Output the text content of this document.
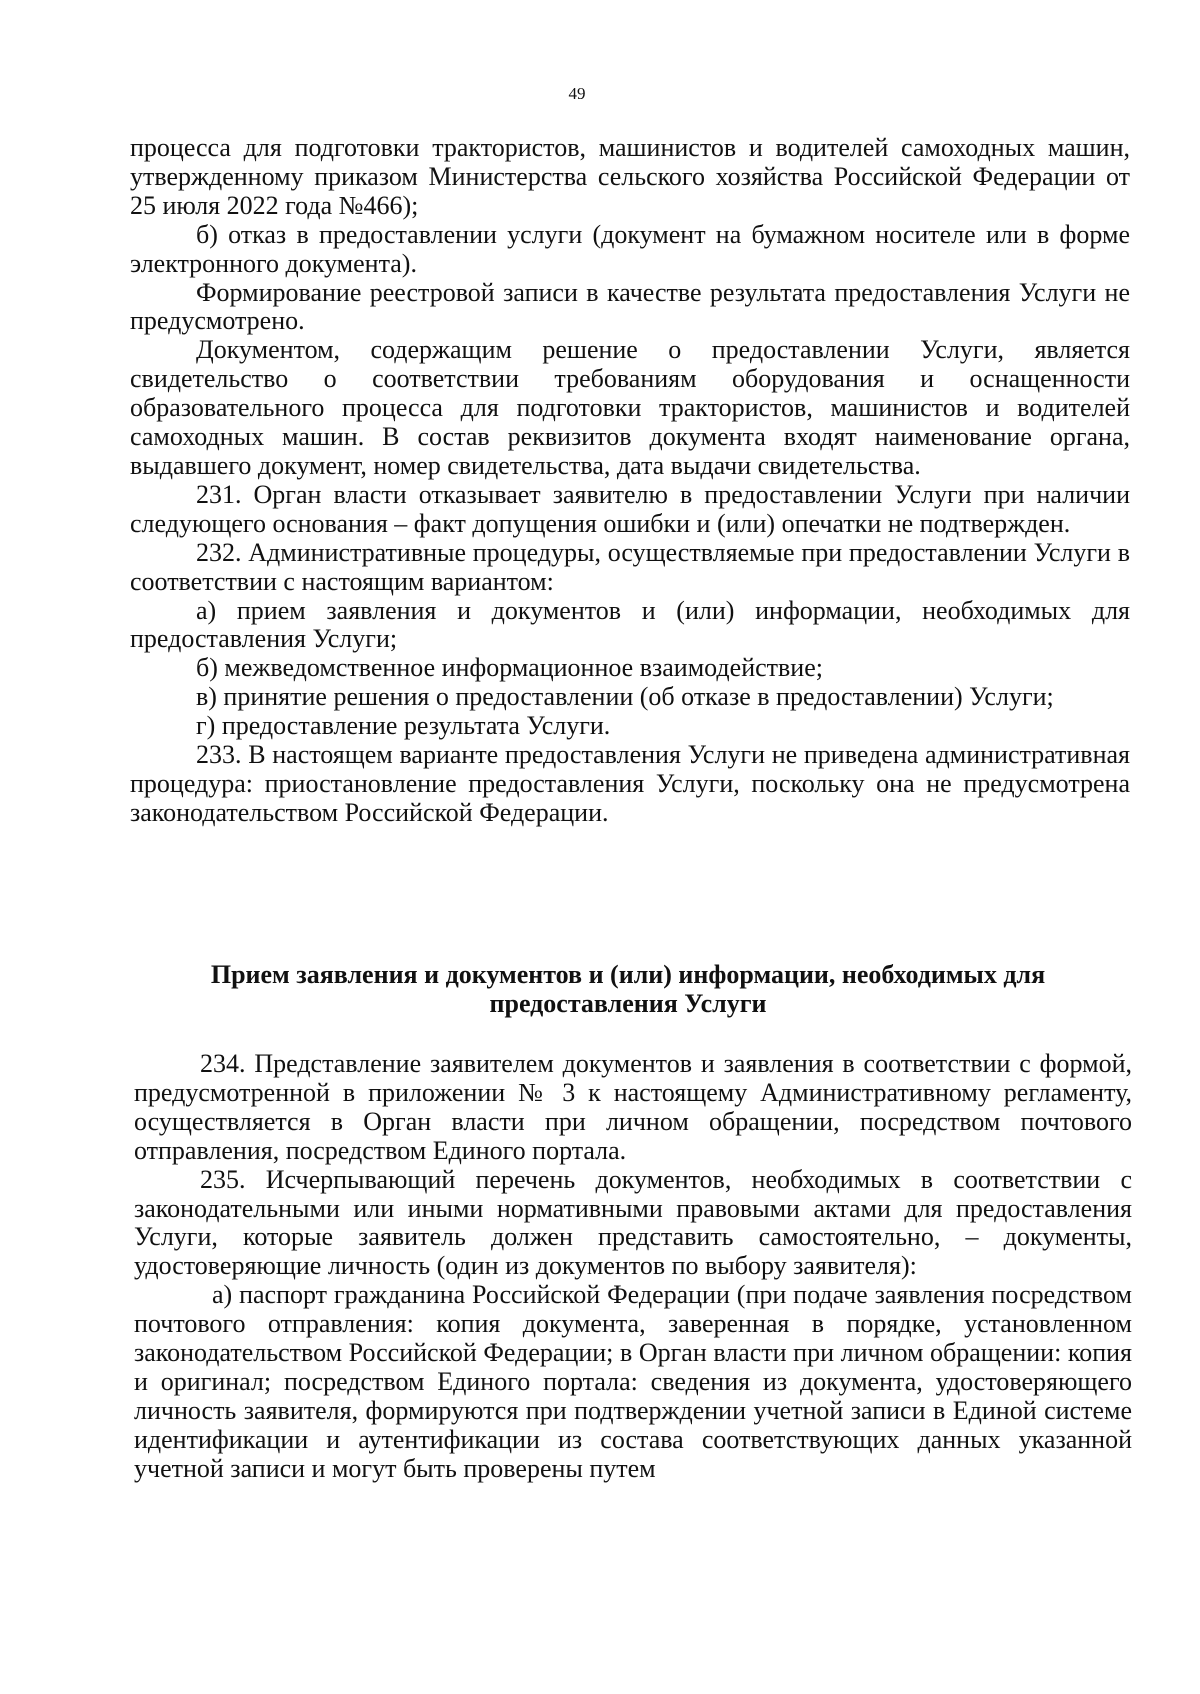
49

процесса для подготовки трактористов, машинистов и водителей самоходных машин, утвержденному приказом Министерства сельского хозяйства Российской Федерации от 25 июля 2022 года №466);

б) отказ в предоставлении услуги (документ на бумажном носителе или в форме электронного документа).

Формирование реестровой записи в качестве результата предоставления Услуги не предусмотрено.

Документом, содержащим решение о предоставлении Услуги, является свидетельство о соответствии требованиям оборудования и оснащенности образовательного процесса для подготовки трактористов, машинистов и водителей самоходных машин. В состав реквизитов документа входят наименование органа, выдавшего документ, номер свидетельства, дата выдачи свидетельства.

231. Орган власти отказывает заявителю в предоставлении Услуги при наличии следующего основания – факт допущения ошибки и (или) опечатки не подтвержден.

232. Административные процедуры, осуществляемые при предоставлении Услуги в соответствии с настоящим вариантом:

а) прием заявления и документов и (или) информации, необходимых для предоставления Услуги;

б) межведомственное информационное взаимодействие;

в) принятие решения о предоставлении (об отказе в предоставлении) Услуги;

г) предоставление результата Услуги.

233. В настоящем варианте предоставления Услуги не приведена административная процедура: приостановление предоставления Услуги, поскольку она не предусмотрена законодательством Российской Федерации.

Прием заявления и документов и (или) информации, необходимых для
предоставления Услуги

234. Представление заявителем документов и заявления в соответствии с формой, предусмотренной в приложении № 3 к настоящему Административному регламенту, осуществляется в Орган власти при личном обращении, посредством почтового отправления, посредством Единого портала.

235. Исчерпывающий перечень документов, необходимых в соответствии с законодательными или иными нормативными правовыми актами для предоставления Услуги, которые заявитель должен представить самостоятельно, – документы, удостоверяющие личность (один из документов по выбору заявителя):

а) паспорт гражданина Российской Федерации (при подаче заявления посредством почтового отправления: копия документа, заверенная в порядке, установленном законодательством Российской Федерации; в Орган власти при личном обращении: копия и оригинал; посредством Единого портала: сведения из документа, удостоверяющего личность заявителя, формируются при подтверждении учетной записи в Единой системе идентификации и аутентификации из состава соответствующих данных указанной учетной записи и могут быть проверены путем
